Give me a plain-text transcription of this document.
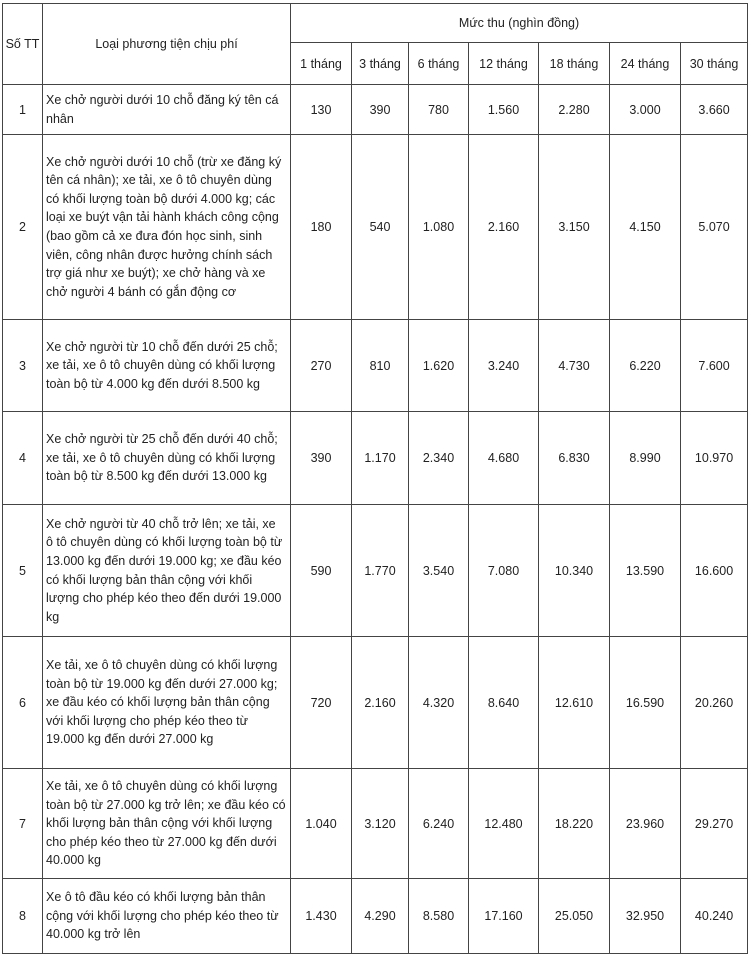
Số TT	Loại phương tiện chịu phí	Mức thu (nghìn đồng)						
		1 tháng	3 tháng	6 tháng	12 tháng	18 tháng	24 tháng	30 tháng
1	Xe chở người dưới 10 chỗ đăng ký tên cá nhân	130	390	780	1.560	2.280	3.000	3.660
2	Xe chở người dưới 10 chỗ (trừ xe đăng ký tên cá nhân); xe tải, xe ô tô chuyên dùng có khối lượng toàn bộ dưới 4.000 kg; các loại xe buýt vận tải hành khách công cộng (bao gồm cả xe đưa đón học sinh, sinh viên, công nhân được hưởng chính sách trợ giá như xe buýt); xe chở hàng và xe chở người 4 bánh có gắn động cơ	180	540	1.080	2.160	3.150	4.150	5.070
3	Xe chở người từ 10 chỗ đến dưới 25 chỗ; xe tải, xe ô tô chuyên dùng có khối lượng toàn bộ từ 4.000 kg đến dưới 8.500 kg	270	810	1.620	3.240	4.730	6.220	7.600
4	Xe chở người từ 25 chỗ đến dưới 40 chỗ; xe tải, xe ô tô chuyên dùng có khối lượng toàn bộ từ 8.500 kg đến dưới 13.000 kg	390	1.170	2.340	4.680	6.830	8.990	10.970
5	Xe chở người từ 40 chỗ trở lên; xe tải, xe ô tô chuyên dùng có khối lượng toàn bộ từ 13.000 kg đến dưới 19.000 kg; xe đầu kéo có khối lượng bản thân cộng với khối lượng cho phép kéo theo đến dưới 19.000 kg	590	1.770	3.540	7.080	10.340	13.590	16.600
6	Xe tải, xe ô tô chuyên dùng có khối lượng toàn bộ từ 19.000 kg đến dưới 27.000 kg; xe đầu kéo có khối lượng bản thân cộng với khối lượng cho phép kéo theo từ 19.000 kg đến dưới 27.000 kg	720	2.160	4.320	8.640	12.610	16.590	20.260
7	Xe tải, xe ô tô chuyên dùng có khối lượng toàn bộ từ 27.000 kg trở lên; xe đầu kéo có khối lượng bản thân cộng với khối lượng cho phép kéo theo từ 27.000 kg đến dưới 40.000 kg	1.040	3.120	6.240	12.480	18.220	23.960	29.270
8	Xe ô tô đầu kéo có khối lượng bản thân cộng với khối lượng cho phép kéo theo từ 40.000 kg trở lên	1.430	4.290	8.580	17.160	25.050	32.950	40.240
